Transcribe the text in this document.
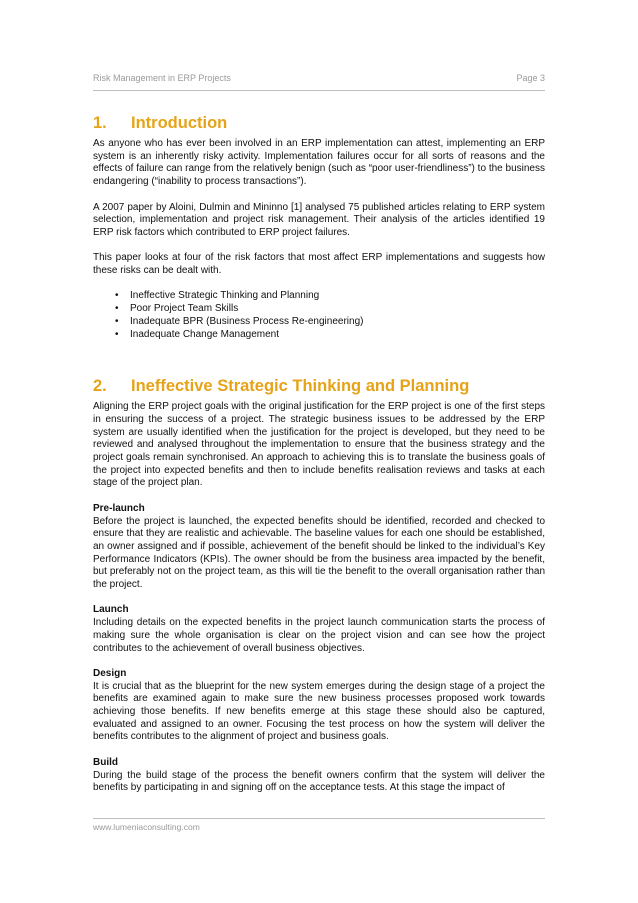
Risk Management in ERP Projects	Page 3
1.	Introduction

As anyone who has ever been involved in an ERP implementation can attest, implementing an ERP system is an inherently risky activity. Implementation failures occur for all sorts of reasons and the effects of failure can range from the relatively benign (such as “poor user-friendliness”) to the business endangering (“inability to process transactions”).

A 2007 paper by Aloini, Dulmin and Mininno [1] analysed 75 published articles relating to ERP system selection, implementation and project risk management. Their analysis of the articles identified 19 ERP risk factors which contributed to ERP project failures.

This paper looks at four of the risk factors that most affect ERP implementations and suggests how these risks can be dealt with.

• Ineffective Strategic Thinking and Planning
• Poor Project Team Skills
• Inadequate BPR (Business Process Re-engineering)
• Inadequate Change Management
2.	Ineffective Strategic Thinking and Planning

Aligning the ERP project goals with the original justification for the ERP project is one of the first steps in ensuring the success of a project. The strategic business issues to be addressed by the ERP system are usually identified when the justification for the project is developed, but they need to be reviewed and analysed throughout the implementation to ensure that the business strategy and the project goals remain synchronised. An approach to achieving this is to translate the business goals of the project into expected benefits and then to include benefits realisation reviews and tasks at each stage of the project plan.

Pre-launch

Before the project is launched, the expected benefits should be identified, recorded and checked to ensure that they are realistic and achievable. The baseline values for each one should be established, an owner assigned and if possible, achievement of the benefit should be linked to the individual’s Key Performance Indicators (KPIs). The owner should be from the business area impacted by the benefit, but preferably not on the project team, as this will tie the benefit to the overall organisation rather than the project.

Launch

Including details on the expected benefits in the project launch communication starts the process of making sure the whole organisation is clear on the project vision and can see how the project contributes to the achievement of overall business objectives.

Design

It is crucial that as the blueprint for the new system emerges during the design stage of a project the benefits are examined again to make sure the new business processes proposed work towards achieving those benefits. If new benefits emerge at this stage these should also be captured, evaluated and assigned to an owner. Focusing the test process on how the system will deliver the benefits contributes to the alignment of project and business goals.

Build

During the build stage of the process the benefit owners confirm that the system will deliver the benefits by participating in and signing off on the acceptance tests. At this stage the impact of

www.lumeniaconsulting.com
